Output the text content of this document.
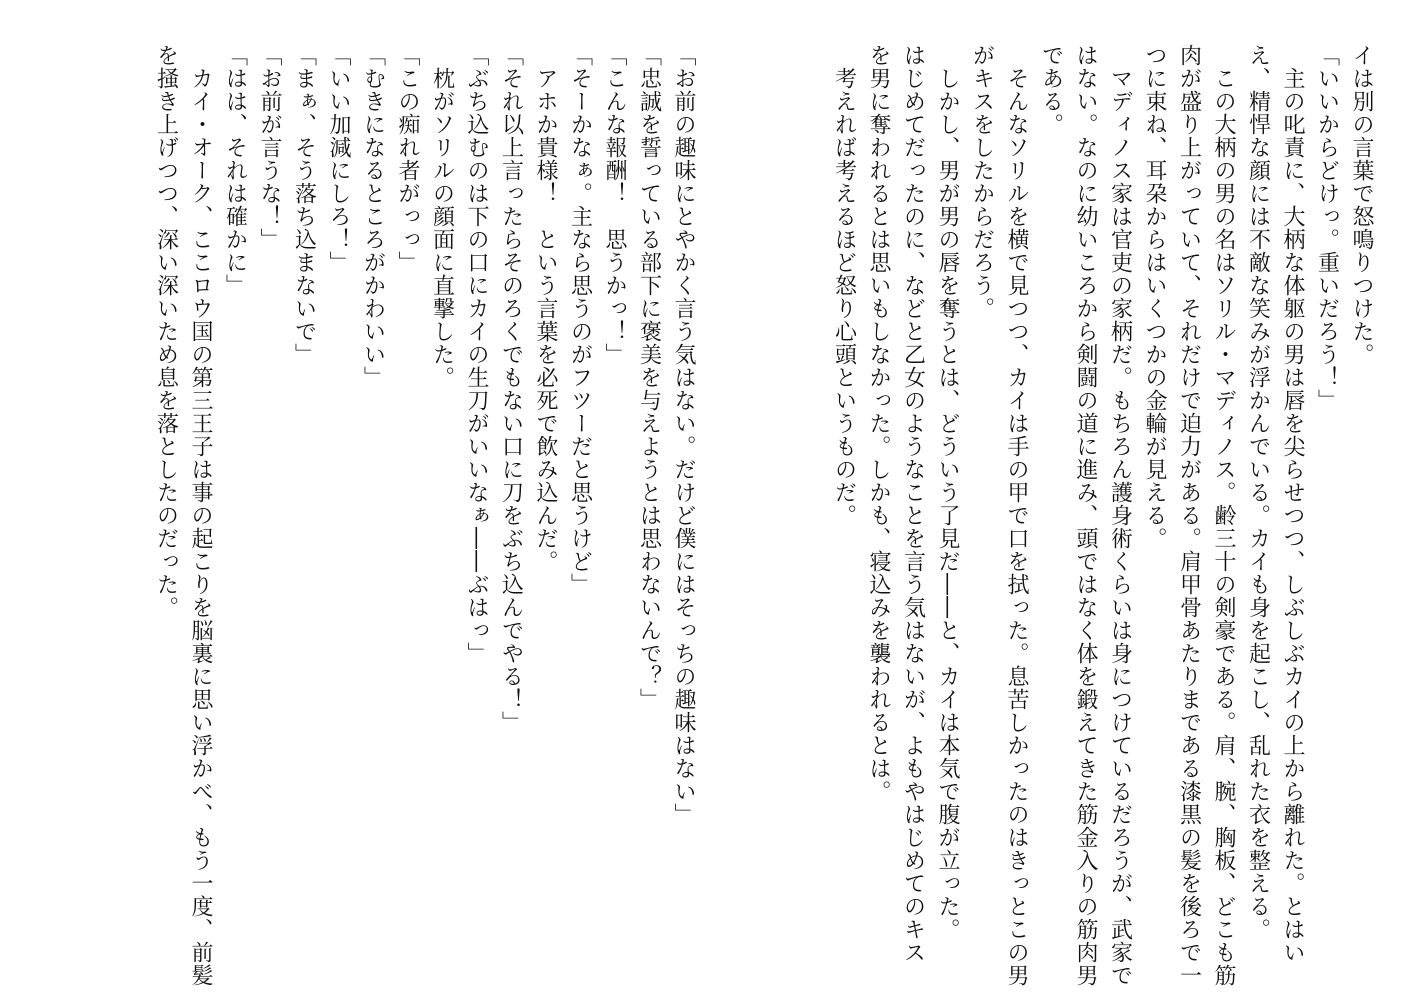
イは別の言葉で怒鳴りつけた。

「いいからどけっ。重いだろう！」

　主の叱責に、大柄な体躯の男は唇を尖らせつつ、しぶしぶカイの上から離れた。とはい

え、精悍な顔には不敵な笑みが浮かんでいる。カイも身を起こし、乱れた衣を整える。

　この大柄の男の名はソリル・マディノス。齢三十の剣豪である。肩、腕、胸板、どこも筋

肉が盛り上がっていて、それだけで迫力がある。肩甲骨あたりまである漆黒の髪を後ろで一

つに束ね、耳朶からはいくつかの金輪が見える。

　マディノス家は官吏の家柄だ。もちろん護身術くらいは身につけているだろうが、武家で

はない。なのに幼いころから剣闘の道に進み、頭ではなく体を鍛えてきた筋金入りの筋肉男

である。

　そんなソリルを横で見つつ、カイは手の甲で口を拭った。息苦しかったのはきっとこの男

がキスをしたからだろう。

　しかし、男が男の唇を奪うとは、どういう了見だ――と、カイは本気で腹が立った。

はじめてだったのに、などと乙女のようなことを言う気はないが、よもやはじめてのキス

を男に奪われるとは思いもしなかった。しかも、寝込みを襲われるとは。

　考えれば考えるほど怒り心頭というものだ。

「お前の趣味にとやかく言う気はない。だけど僕にはそっちの趣味はない」

「忠誠を誓っている部下に褒美を与えようとは思わないんで？」

「こんな報酬！　思うかっ！」

「そーかなぁ。主なら思うのがフツーだと思うけど」

　アホか貴様！　という言葉を必死で飲み込んだ。

「それ以上言ったらそのろくでもない口に刀をぶち込んでやる！」

「ぶち込むのは下の口にカイの生刀がいいなぁ――ぶはっ」

　枕がソリルの顔面に直撃した。

「この痴れ者がっっ」

「むきになるところがかわいい」

「いい加減にしろ！」

「まぁ、そう落ち込まないで」

「お前が言うな！」

「はは、それは確かに」

　カイ・オーク、ここロウ国の第三王子は事の起こりを脳裏に思い浮かべ、もう一度、前髪

を掻き上げつつ、深い深いため息を落としたのだった。
